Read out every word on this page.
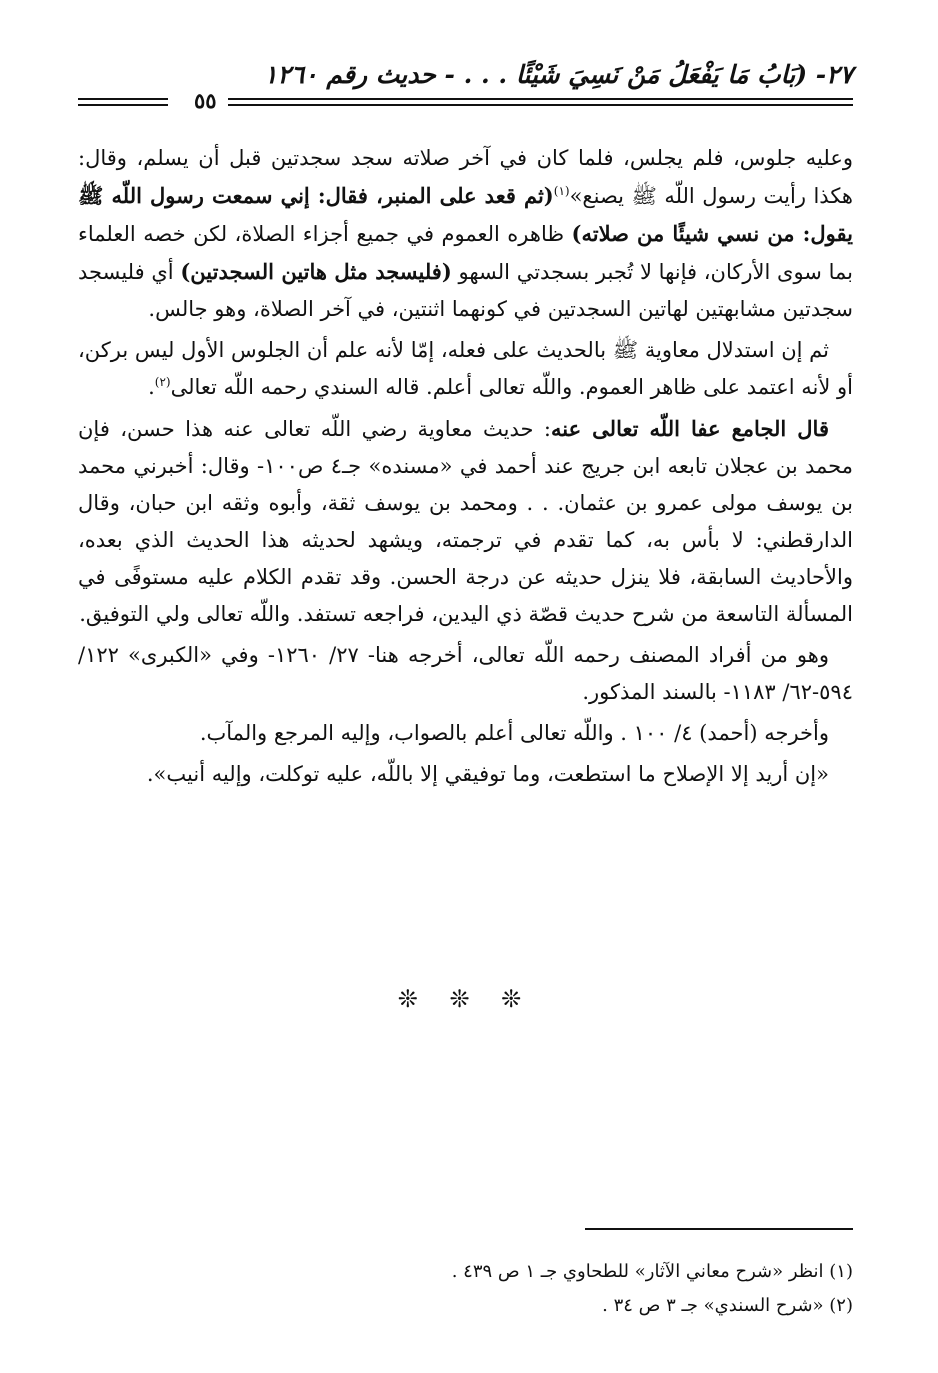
٢٧- (بَابُ مَا يَفْعَلُ مَنْ نَسِيَ شَيْئًا . . . - حديث رقم ١٢٦٠
٥٥

وعليه جلوس، فلم يجلس، فلما كان في آخر صلاته سجد سجدتين قبل أن يسلم، وقال: هكذا رأيت رسول اللّه ﷺ يصنع»$^{(١)}$(ثم قعد على المنبر، فقال: إني سمعت رسول اللّه ﷺ يقول: من نسي شيئًا من صلاته) ظاهره العموم في جميع أجزاء الصلاة، لكن خصه العلماء بما سوى الأركان، فإنها لا تُجبر بسجدتي السهو (فليسجد مثل هاتين السجدتين) أي فليسجد سجدتين مشابهتين لهاتين السجدتين في كونهما اثنتين، في آخر الصلاة، وهو جالس.

ثم إن استدلال معاوية ﷺ بالحديث على فعله، إمّا لأنه علم أن الجلوس الأول ليس بركن، أو لأنه اعتمد على ظاهر العموم. واللّه تعالى أعلم. قاله السندي رحمه اللّه تعالى$^{(٢)}$.

قال الجامع عفا اللّه تعالى عنه: حديث معاوية رضي اللّه تعالى عنه هذا حسن، فإن محمد بن عجلان تابعه ابن جريج عند أحمد في «مسنده» جـ٤ ص١٠٠- وقال: أخبرني محمد بن يوسف مولى عمرو بن عثمان. . . ومحمد بن يوسف ثقة، وأبوه وثقه ابن حبان، وقال الدارقطني: لا بأس به، كما تقدم في ترجمته، ويشهد لحديثه هذا الحديث الذي بعده، والأحاديث السابقة، فلا ينزل حديثه عن درجة الحسن. وقد تقدم الكلام عليه مستوفًى في المسألة التاسعة من شرح حديث قصّة ذي اليدين، فراجعه تستفد. واللّه تعالى ولي التوفيق.

وهو من أفراد المصنف رحمه اللّه تعالى، أخرجه هنا- ٢٧/ ١٢٦٠- وفي «الكبرى» ١٢٢/ ٥٩٤-٦٢/ ١١٨٣- بالسند المذكور.

وأخرجه (أحمد) ٤/ ١٠٠ . واللّه تعالى أعلم بالصواب، وإليه المرجع والمآب.

«إن أريد إلا الإصلاح ما استطعت، وما توفيقي إلا باللّه، عليه توكلت، وإليه أنيب».

❊ ❊ ❊

(١) انظر «شرح معاني الآثار» للطحاوي جـ ١ ص ٤٣٩ .

(٢) «شرح السندي» جـ ٣ ص ٣٤ .
